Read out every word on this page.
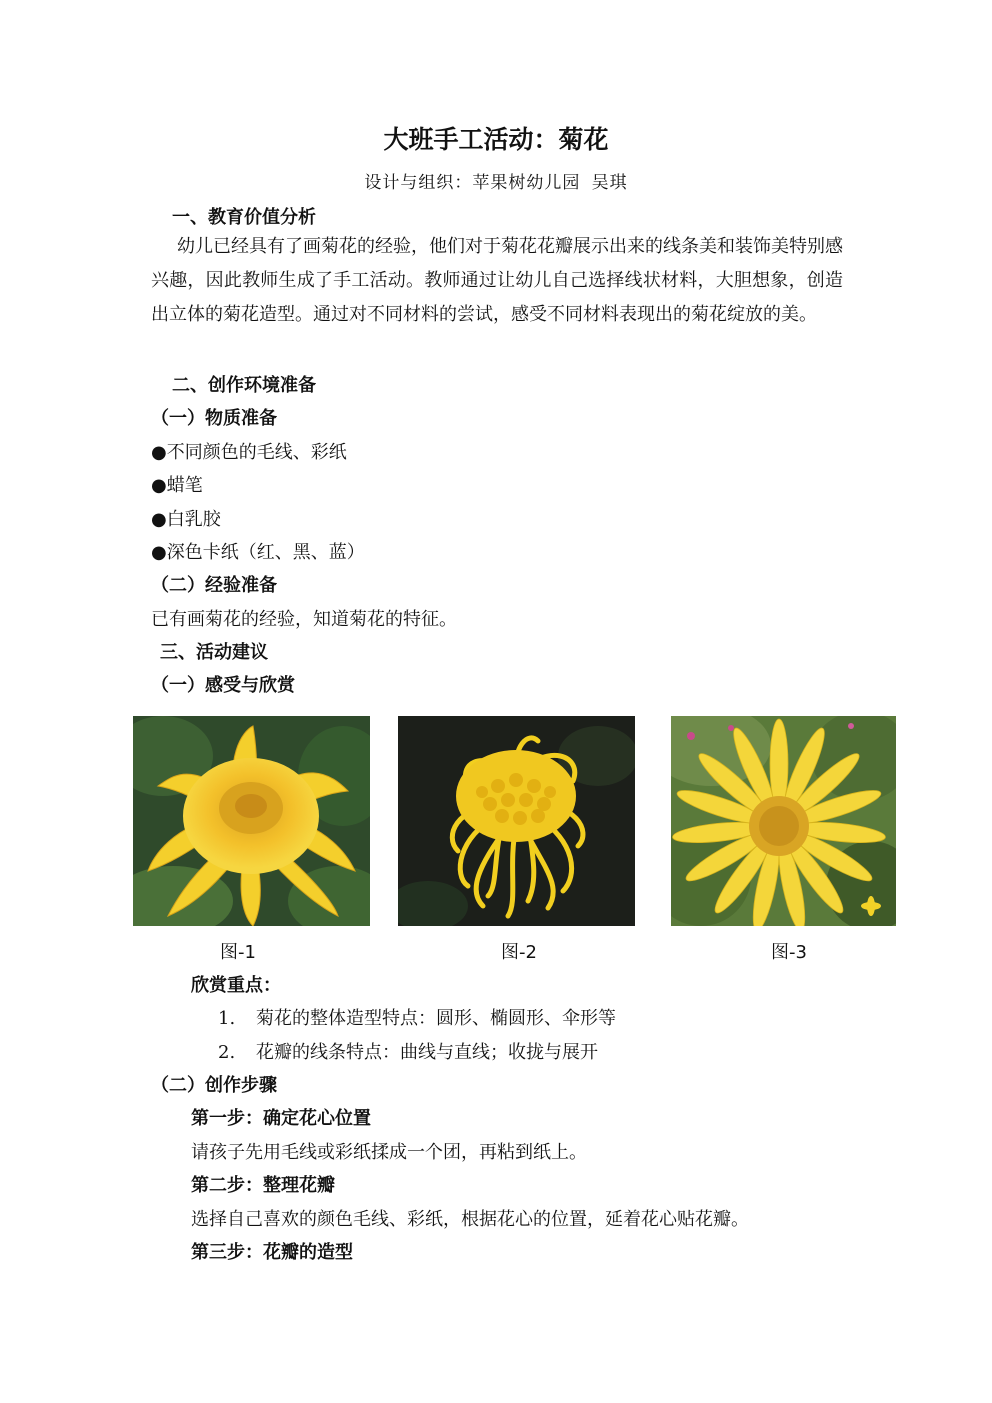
大班手工活动：菊花
设计与组织：苹果树幼儿园 吴琪
一、教育价值分析
幼儿已经具有了画菊花的经验，他们对于菊花花瓣展示出来的线条美和装饰美特别感兴趣，因此教师生成了手工活动。教师通过让幼儿自己选择线状材料，大胆想象，创造出立体的菊花造型。通过对不同材料的尝试，感受不同材料表现出的菊花绽放的美。
二、创作环境准备
（一）物质准备
●不同颜色的毛线、彩纸
●蜡笔
●白乳胶
●深色卡纸（红、黑、蓝）
（二）经验准备
已有画菊花的经验，知道菊花的特征。
三、活动建议
（一）感受与欣赏
图-1	图-2	图-3
欣赏重点：
1. 菊花的整体造型特点：圆形、椭圆形、伞形等
2. 花瓣的线条特点：曲线与直线；收拢与展开
（二）创作步骤
第一步：确定花心位置
请孩子先用毛线或彩纸揉成一个团，再粘到纸上。
第二步：整理花瓣
选择自己喜欢的颜色毛线、彩纸，根据花心的位置，延着花心贴花瓣。
第三步：花瓣的造型
